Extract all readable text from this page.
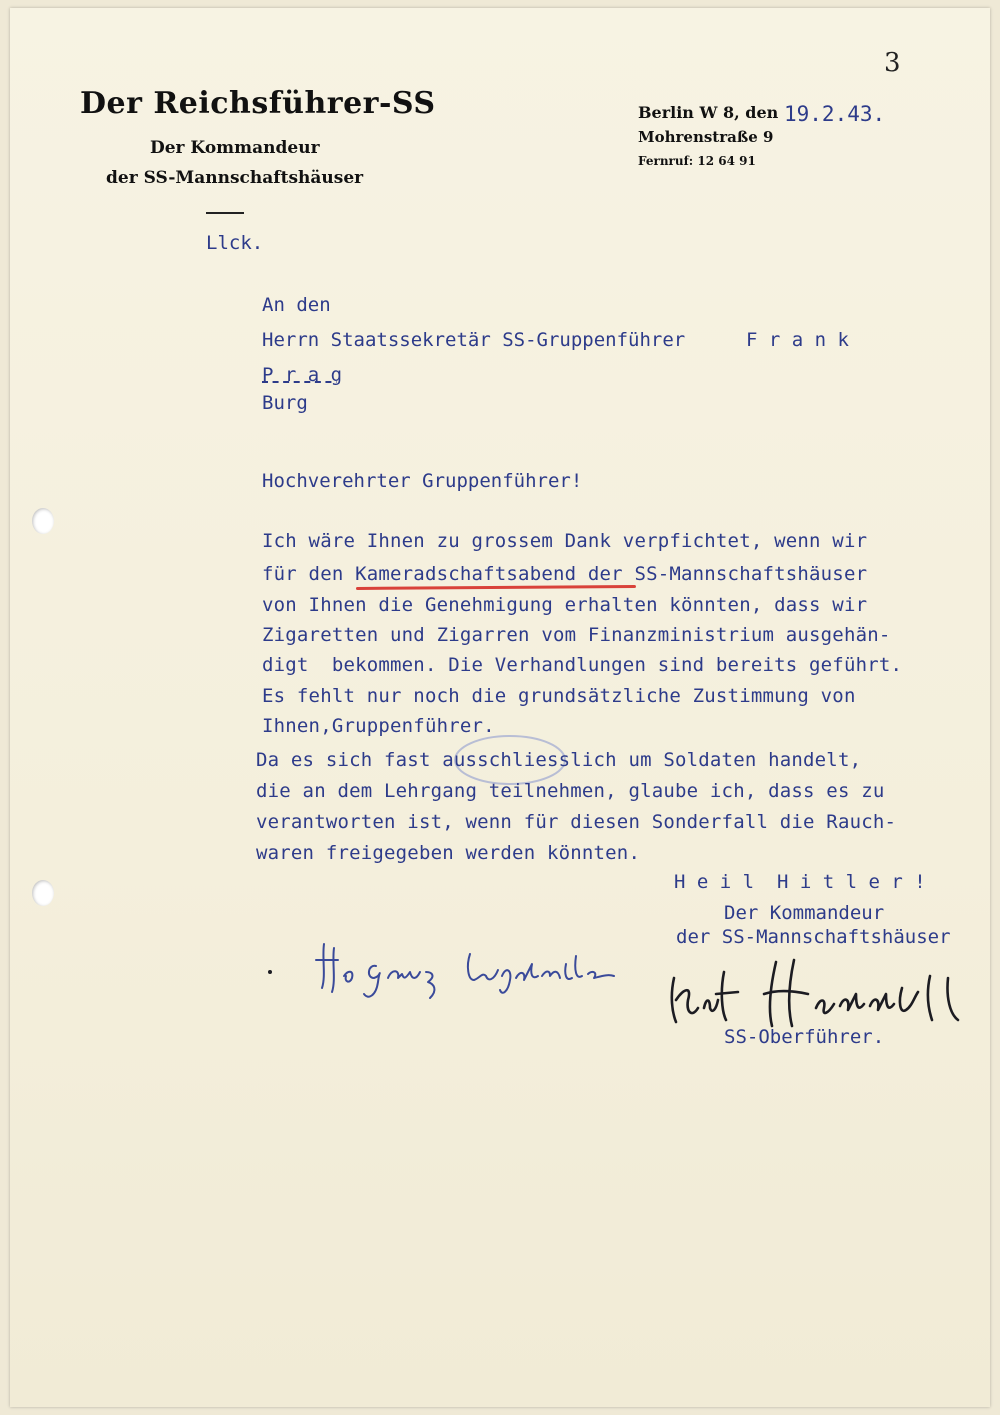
3
Der Reichsführer-SS
Der Kommandeur
der SS-Mannschaftshäuser
Llck.
Berlin W 8, den 19.2.43.
Mohrenstraße 9
Fernruf: 12 64 91
An den
Herrn Staatssekretär SS-Gruppenführer	F r a n k
P r a g
Burg
Hochverehrter Gruppenführer!
Ich wäre Ihnen zu grossem Dank verpfichtet, wenn wir
für den Kameradschaftsabend der SS-Mannschaftshäuser
von Ihnen die Genehmigung erhalten könnten, dass wir
Zigaretten und Zigarren vom Finanzministrium ausgehän-
digt  bekommen. Die Verhandlungen sind bereits geführt.
Es fehlt nur noch die grundsätzliche Zustimmung von
Ihnen,Gruppenführer.
Da es sich fast ausschliesslich um Soldaten handelt,
die an dem Lehrgang teilnehmen, glaube ich, dass es zu
verantworten ist, wenn für diesen Sonderfall die Rauch-
waren freigegeben werden könnten.
H e i l  H i t l e r !
Der Kommandeur
der SS-Mannschaftshäuser
SS-Oberführer.
